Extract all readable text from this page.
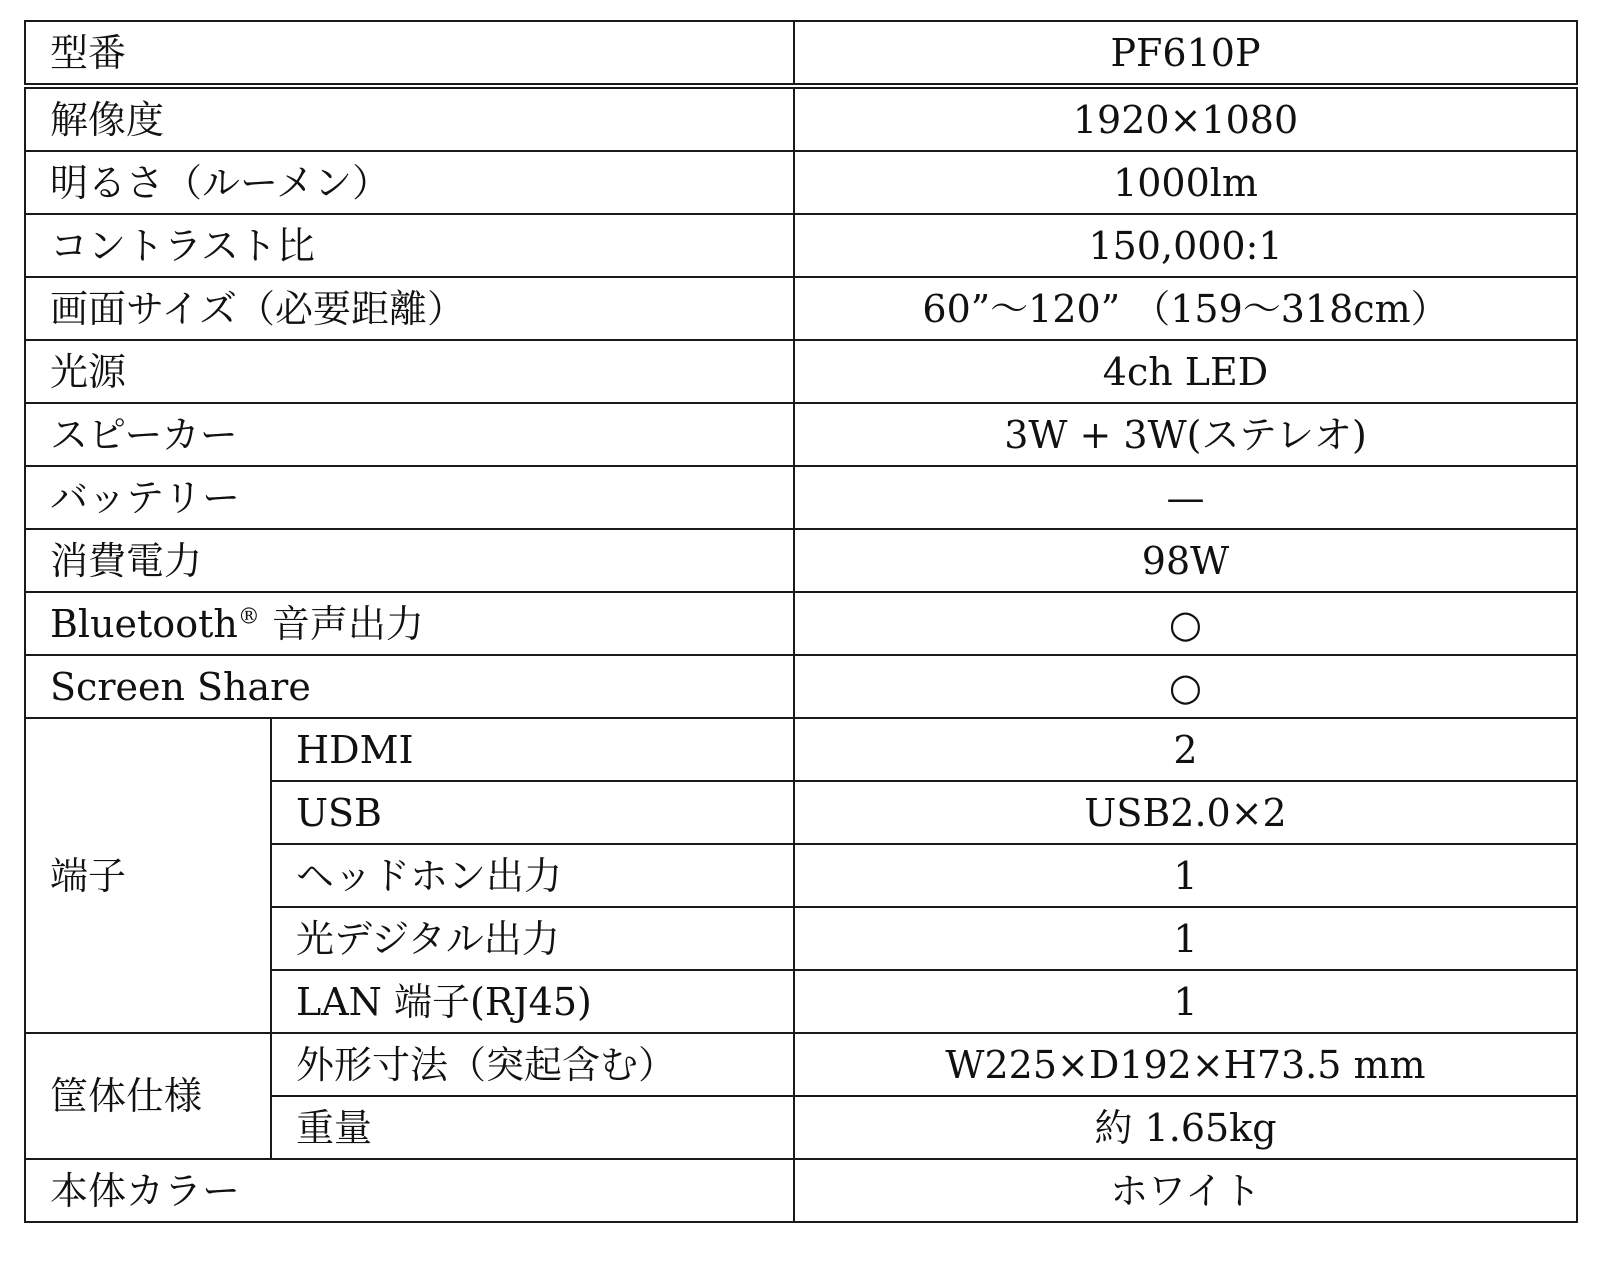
型番		PF610P
解像度		1920×1080
明るさ（ルーメン）		1000lm
コントラスト比		150,000:1
画面サイズ（必要距離）		60”～120” （159～318cm）
光源		4ch LED
スピーカー		3W + 3W(ステレオ)
バッテリー		—
消費電力		98W
Bluetooth® 音声出力		○
Screen Share		○
端子	HDMI	2
	USB	USB2.0×2
	ヘッドホン出力	1
	光デジタル出力	1
	LAN 端子(RJ45)	1
筐体仕様	外形寸法（突起含む）	W225×D192×H73.5 mm
	重量	約 1.65kg
本体カラー		ホワイト
